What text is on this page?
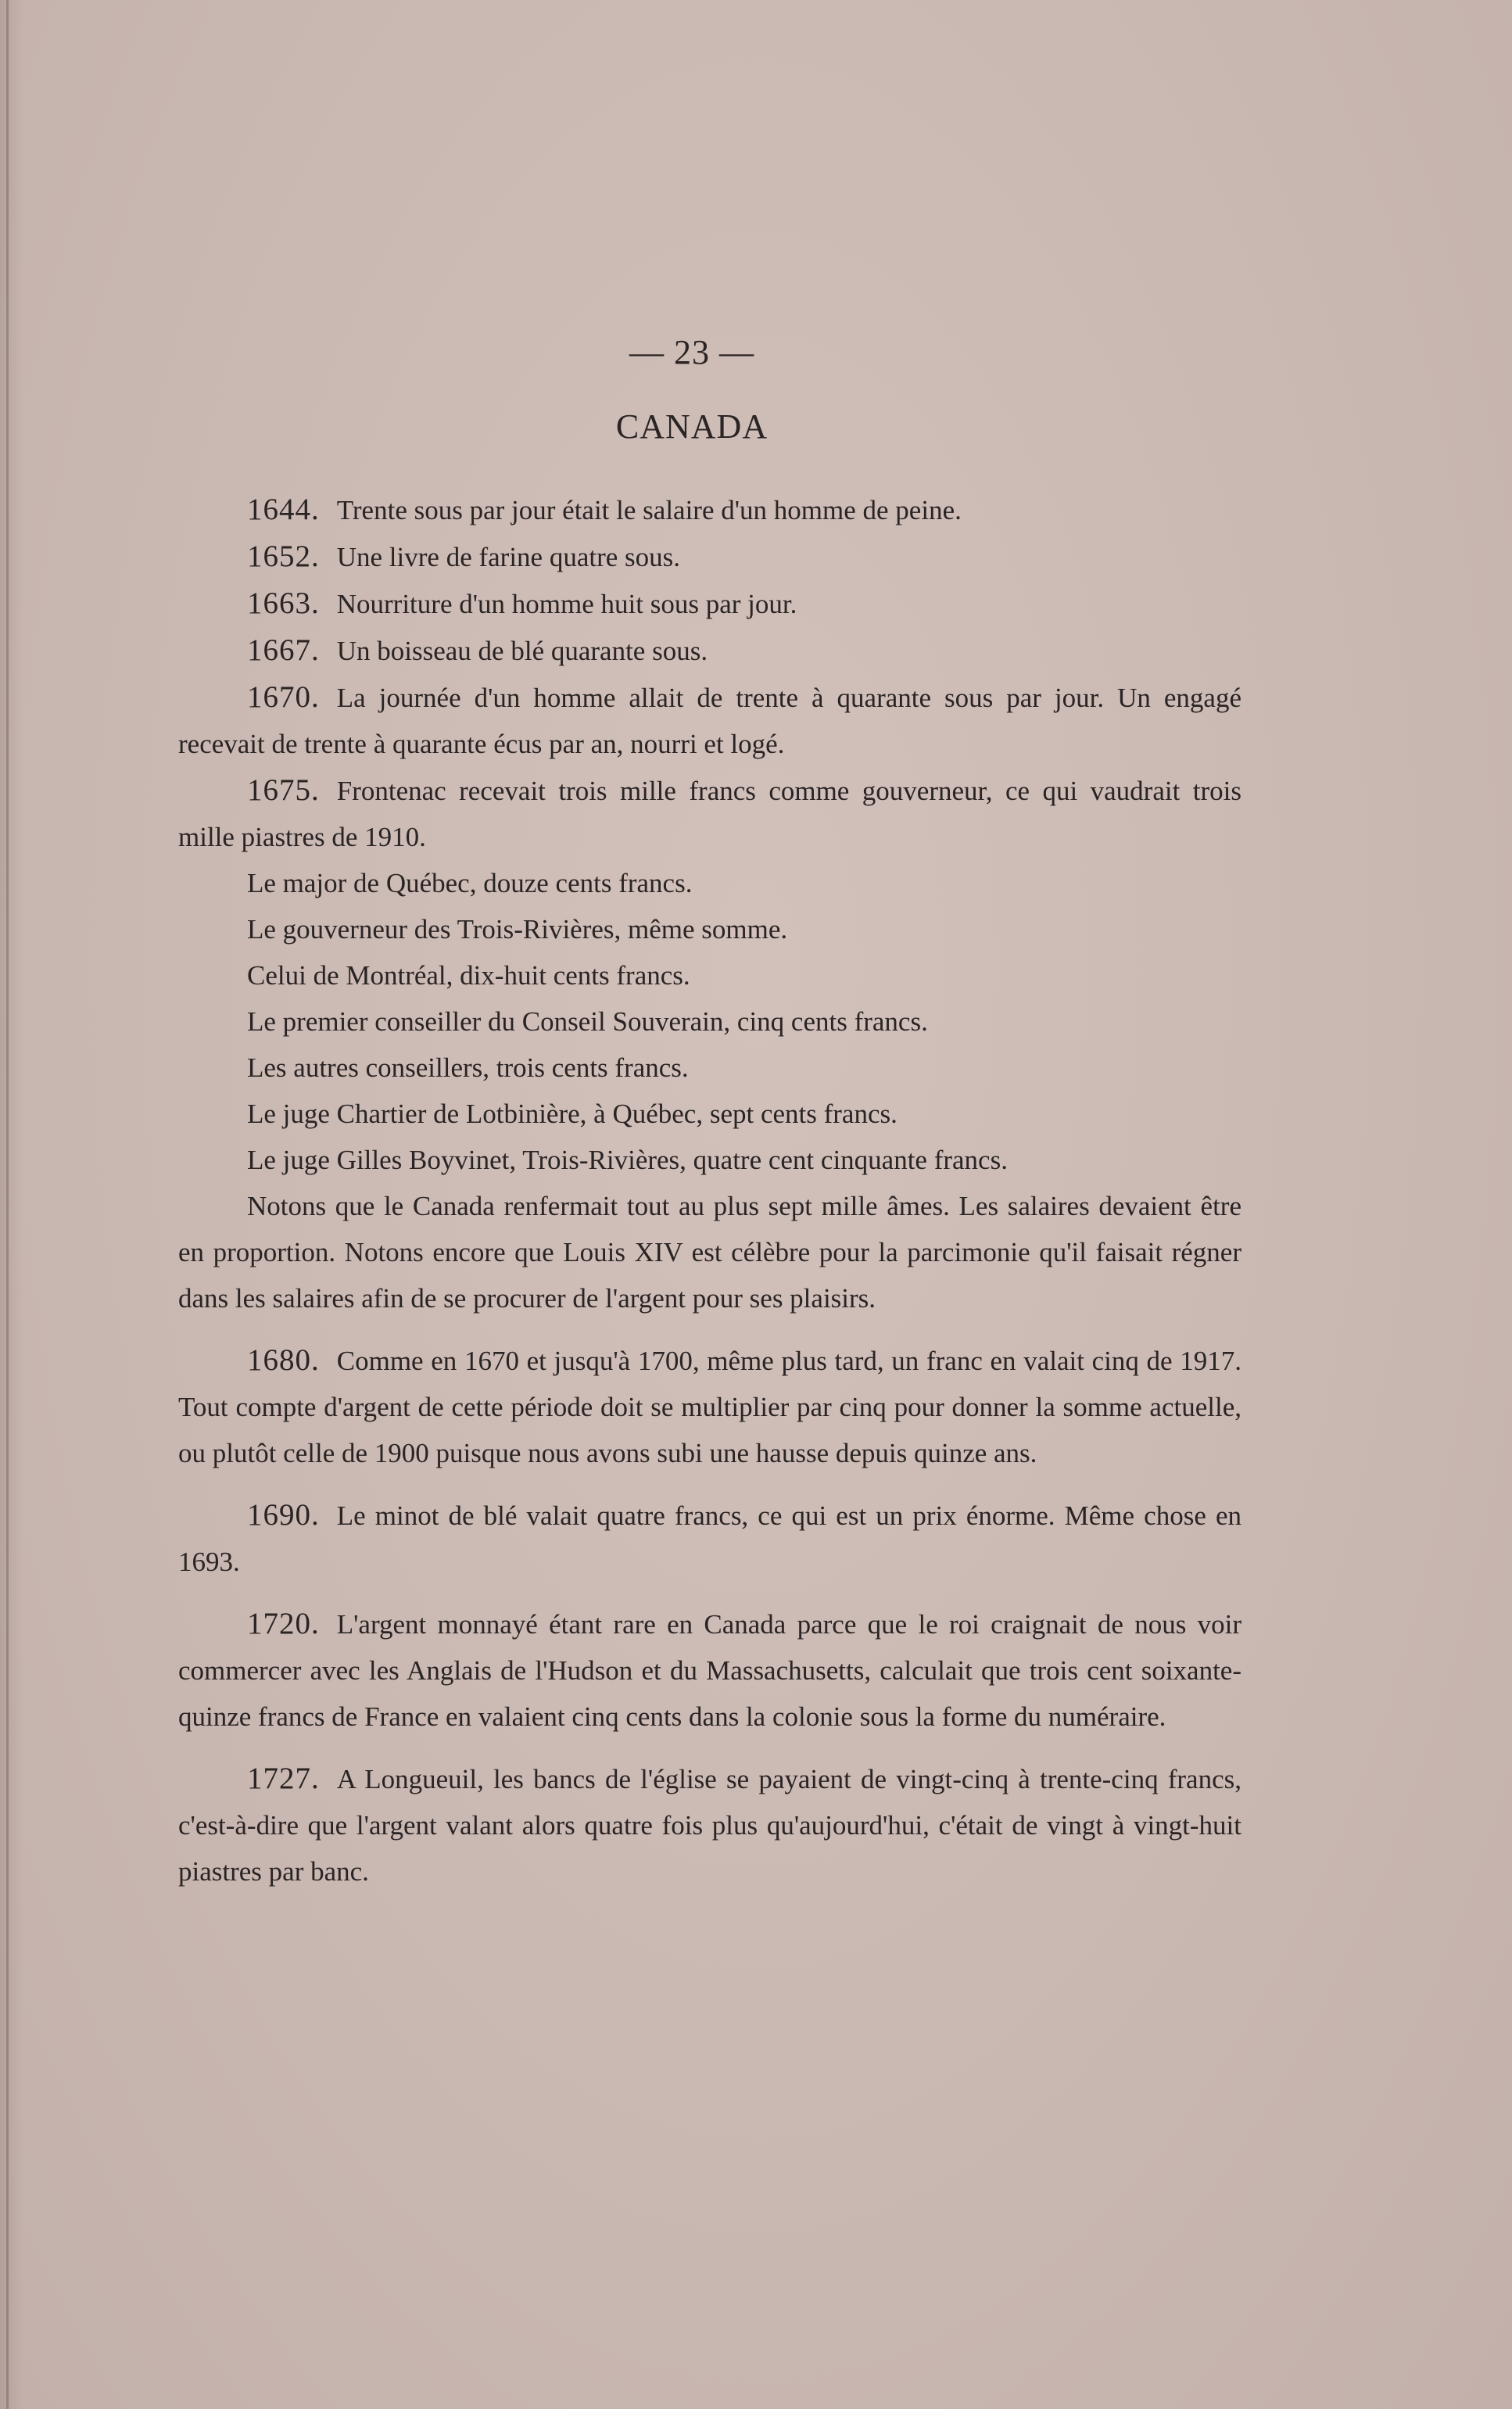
— 23 —
CANADA

1644. Trente sous par jour était le salaire d'un homme de peine.

1652. Une livre de farine quatre sous.

1663. Nourriture d'un homme huit sous par jour.

1667. Un boisseau de blé quarante sous.

1670. La journée d'un homme allait de trente à quarante sous par jour. Un engagé recevait de trente à quarante écus par an, nourri et logé.

1675. Frontenac recevait trois mille francs comme gouverneur, ce qui vaudrait trois mille piastres de 1910.

Le major de Québec, douze cents francs.

Le gouverneur des Trois-Rivières, même somme.

Celui de Montréal, dix-huit cents francs.

Le premier conseiller du Conseil Souverain, cinq cents francs.

Les autres conseillers, trois cents francs.

Le juge Chartier de Lotbinière, à Québec, sept cents francs.

Le juge Gilles Boyvinet, Trois-Rivières, quatre cent cinquante francs.

Notons que le Canada renfermait tout au plus sept mille âmes. Les salaires devaient être en proportion. Notons encore que Louis XIV est célèbre pour la parcimonie qu'il faisait régner dans les salaires afin de se procurer de l'argent pour ses plaisirs.

1680. Comme en 1670 et jusqu'à 1700, même plus tard, un franc en valait cinq de 1917. Tout compte d'argent de cette période doit se multiplier par cinq pour donner la somme actuelle, ou plutôt celle de 1900 puisque nous avons subi une hausse depuis quinze ans.

1690. Le minot de blé valait quatre francs, ce qui est un prix énorme. Même chose en 1693.

1720. L'argent monnayé étant rare en Canada parce que le roi craignait de nous voir commercer avec les Anglais de l'Hudson et du Massachusetts, calculait que trois cent soixante-quinze francs de France en valaient cinq cents dans la colonie sous la forme du numéraire.

1727. A Longueuil, les bancs de l'église se payaient de vingt-cinq à trente-cinq francs, c'est-à-dire que l'argent valant alors quatre fois plus qu'aujourd'hui, c'était de vingt à vingt-huit piastres par banc.
